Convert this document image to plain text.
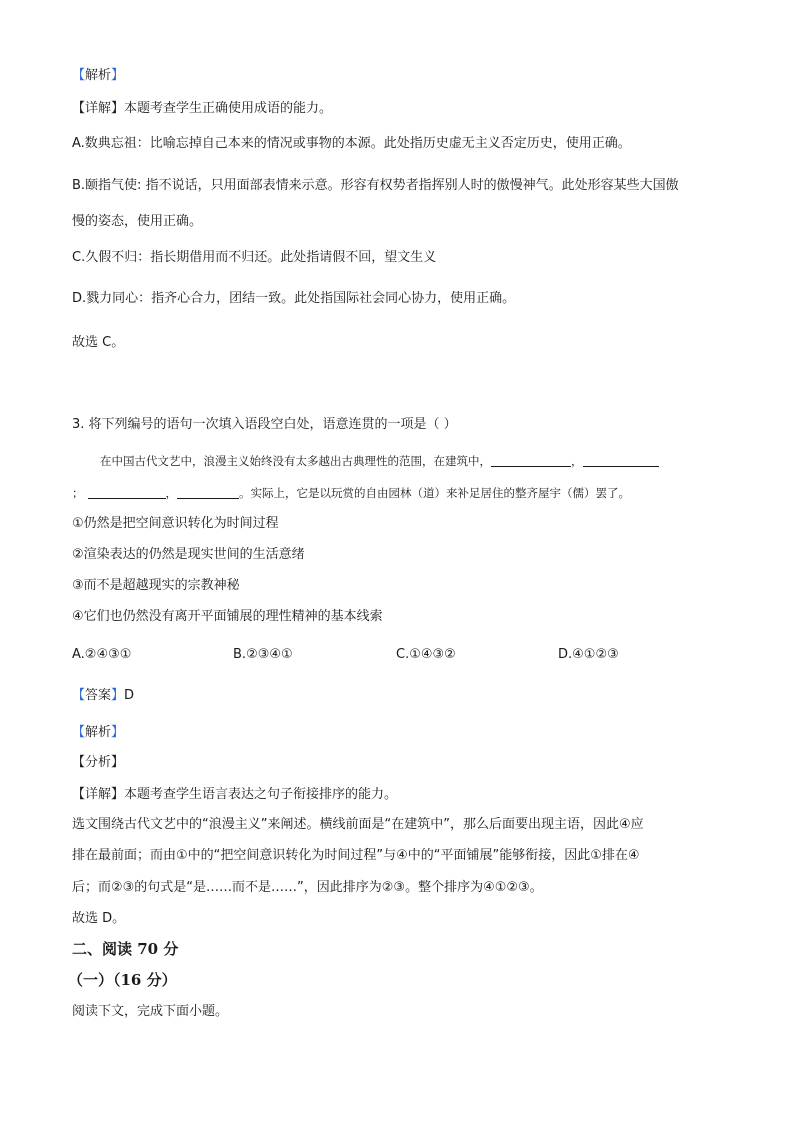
【解析】
【详解】本题考查学生正确使用成语的能力。
A.数典忘祖：比喻忘掉自己本来的情况或事物的本源。此处指历史虚无主义否定历史，使用正确。
B.颐指气使: 指不说话，只用面部表情来示意。形容有权势者指挥别人时的傲慢神气。此处形容某些大国傲
慢的姿态，使用正确。
C.久假不归：指长期借用而不归还。此处指请假不回，望文生义
D.戮力同心：指齐心合力，团结一致。此处指国际社会同心协力，使用正确。
故选 C。
3. 将下列编号的语句一次填入语段空白处，语意连贯的一项是（ ）
在中国古代文艺中，浪漫主义始终没有太多越出古典理性的范围，在建筑中，	，
；	，	。实际上，它是以玩赏的自由园林（道）来补足居住的整齐屋宇（儒）罢了。
①仍然是把空间意识转化为时间过程
②渲染表达的仍然是现实世间的生活意绪
③而不是超越现实的宗教神秘
④它们也仍然没有离开平面铺展的理性精神的基本线索
A.②④③①	B.②③④①	C.①④③②	D.④①②③
【答案】D
【解析】
【分析】
【详解】本题考查学生语言表达之句子衔接排序的能力。
选文围绕古代文艺中的“浪漫主义”来阐述。横线前面是“在建筑中”，那么后面要出现主语，因此④应
排在最前面；而由①中的“把空间意识转化为时间过程”与④中的“平面铺展”能够衔接，因此①排在④
后；而②③的句式是“是……而不是……”，因此排序为②③。整个排序为④①②③。
故选 D。
二、阅读 70 分
（一）（16 分）
阅读下文，完成下面小题。
